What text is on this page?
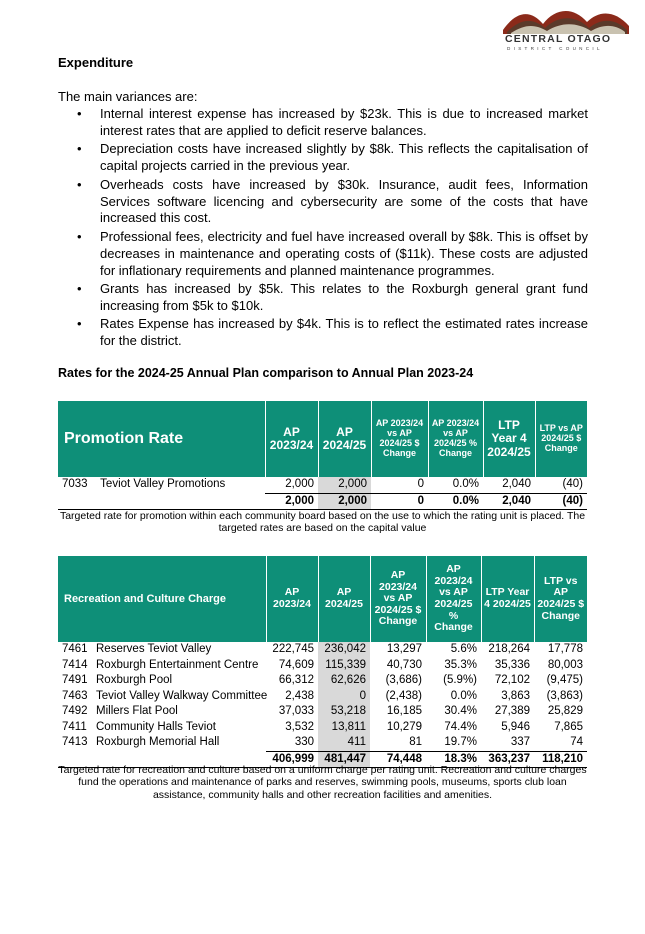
CENTRAL OTAGO
DISTRICT COUNCIL
Expenditure

The main variances are:

• Internal interest expense has increased by $23k. This is due to increased market interest rates that are applied to deficit reserve balances.
• Depreciation costs have increased slightly by $8k. This reflects the capitalisation of capital projects carried in the previous year.
• Overheads costs have increased by $30k. Insurance, audit fees, Information Services software licencing and cybersecurity are some of the costs that have increased this cost.
• Professional fees, electricity and fuel have increased overall by $8k. This is offset by decreases in maintenance and operating costs of ($11k). These costs are adjusted for inflationary requirements and planned maintenance programmes.
• Grants has increased by $5k. This relates to the Roxburgh general grant fund increasing from $5k to $10k.
• Rates Expense has increased by $4k. This is to reflect the estimated rates increase for the district.
Rates for the 2024-25 Annual Plan comparison to Annual Plan 2023-24
Promotion Rate	AP 2023/24	AP 2024/25	AP 2023/24 vs AP 2024/25 $ Change	AP 2023/24 vs AP 2024/25 % Change	LTP Year 4 2024/25	LTP vs AP 2024/25 $ Change
7033 Teviot Valley Promotions	2,000	2,000	0	0.0%	2,040	(40)
	2,000	2,000	0	0.0%	2,040	(40)

Targeted rate for promotion within each community board based on the use to which the rating unit is placed. The targeted rates are based on the capital value

Recreation and Culture Charge	AP 2023/24	AP 2024/25	AP 2023/24 vs AP 2024/25 $ Change	AP 2023/24 vs AP 2024/25 % Change	LTP Year 4 2024/25	LTP vs AP 2024/25 $ Change
7461 Reserves Teviot Valley	222,745	236,042	13,297	5.6%	218,264	17,778
7414 Roxburgh Entertainment Centre	74,609	115,339	40,730	35.3%	35,336	80,003
7491 Roxburgh Pool	66,312	62,626	(3,686)	(5.9%)	72,102	(9,475)
7463 Teviot Valley Walkway Committee	2,438	0	(2,438)	0.0%	3,863	(3,863)
7492 Millers Flat Pool	37,033	53,218	16,185	30.4%	27,389	25,829
7411 Community Halls Teviot	3,532	13,811	10,279	74.4%	5,946	7,865
7413 Roxburgh Memorial Hall	330	411	81	19.7%	337	74
	406,999	481,447	74,448	18.3%	363,237	118,210

Targeted rate for recreation and culture based on a uniform charge per rating unit. Recreation and culture charges fund the operations and maintenance of parks and reserves, swimming pools, museums, sports club loan assistance, community halls and other recreation facilities and amenities.
